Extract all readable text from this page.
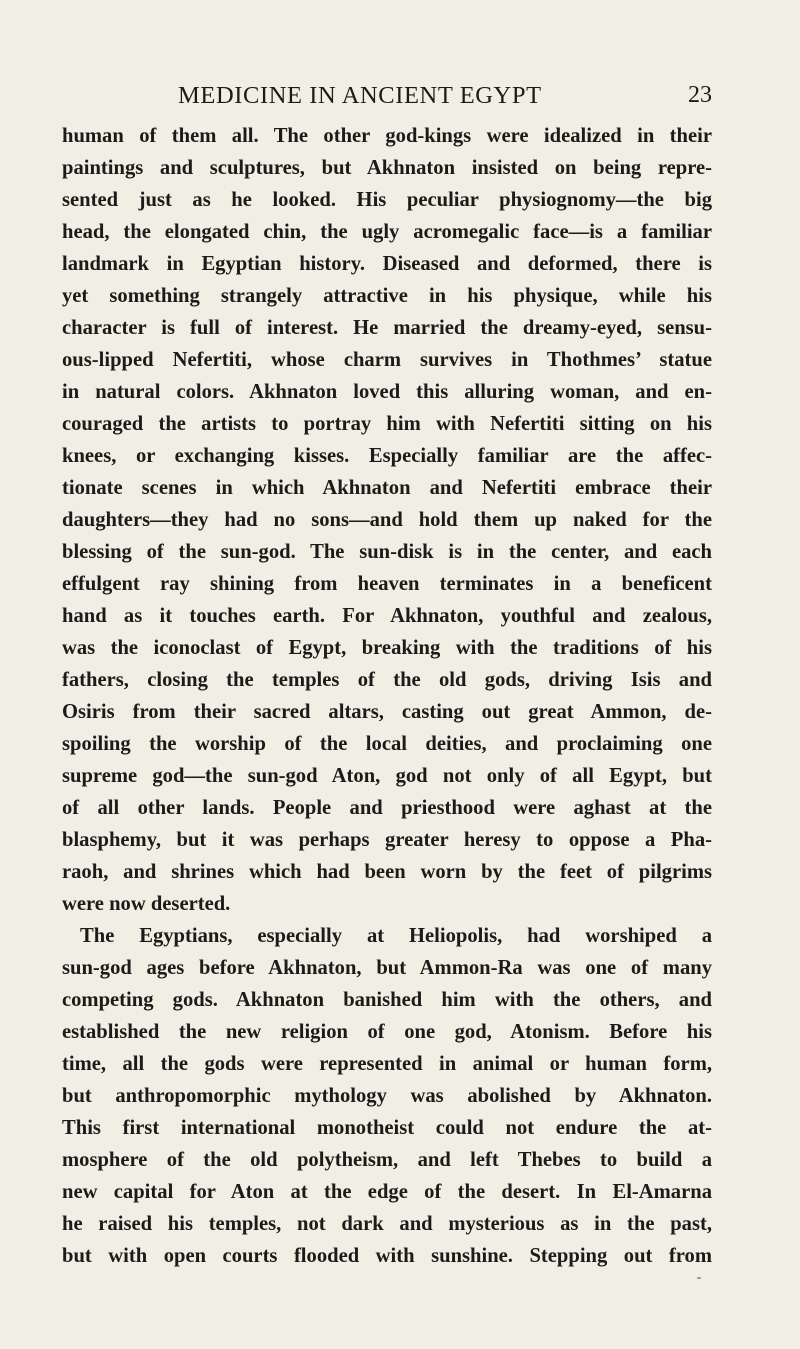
MEDICINE IN ANCIENT EGYPT	23
human of them all. The other god-kings were idealized in their
paintings and sculptures, but Akhnaton insisted on being repre-
sented just as he looked. His peculiar physiognomy—the big
head, the elongated chin, the ugly acromegalic face—is a familiar
landmark in Egyptian history. Diseased and deformed, there is
yet something strangely attractive in his physique, while his
character is full of interest. He married the dreamy-eyed, sensu-
ous-lipped Nefertiti, whose charm survives in Thothmes’ statue
in natural colors. Akhnaton loved this alluring woman, and en-
couraged the artists to portray him with Nefertiti sitting on his
knees, or exchanging kisses. Especially familiar are the affec-
tionate scenes in which Akhnaton and Nefertiti embrace their
daughters—they had no sons—and hold them up naked for the
blessing of the sun-god. The sun-disk is in the center, and each
effulgent ray shining from heaven terminates in a beneficent
hand as it touches earth. For Akhnaton, youthful and zealous,
was the iconoclast of Egypt, breaking with the traditions of his
fathers, closing the temples of the old gods, driving Isis and
Osiris from their sacred altars, casting out great Ammon, de-
spoiling the worship of the local deities, and proclaiming one
supreme god—the sun-god Aton, god not only of all Egypt, but
of all other lands. People and priesthood were aghast at the
blasphemy, but it was perhaps greater heresy to oppose a Pha-
raoh, and shrines which had been worn by the feet of pilgrims
were now deserted.
The Egyptians, especially at Heliopolis, had worshiped a
sun-god ages before Akhnaton, but Ammon-Ra was one of many
competing gods. Akhnaton banished him with the others, and
established the new religion of one god, Atonism. Before his
time, all the gods were represented in animal or human form,
but anthropomorphic mythology was abolished by Akhnaton.
This first international monotheist could not endure the at-
mosphere of the old polytheism, and left Thebes to build a
new capital for Aton at the edge of the desert. In El-Amarna
he raised his temples, not dark and mysterious as in the past,
but with open courts flooded with sunshine. Stepping out from
